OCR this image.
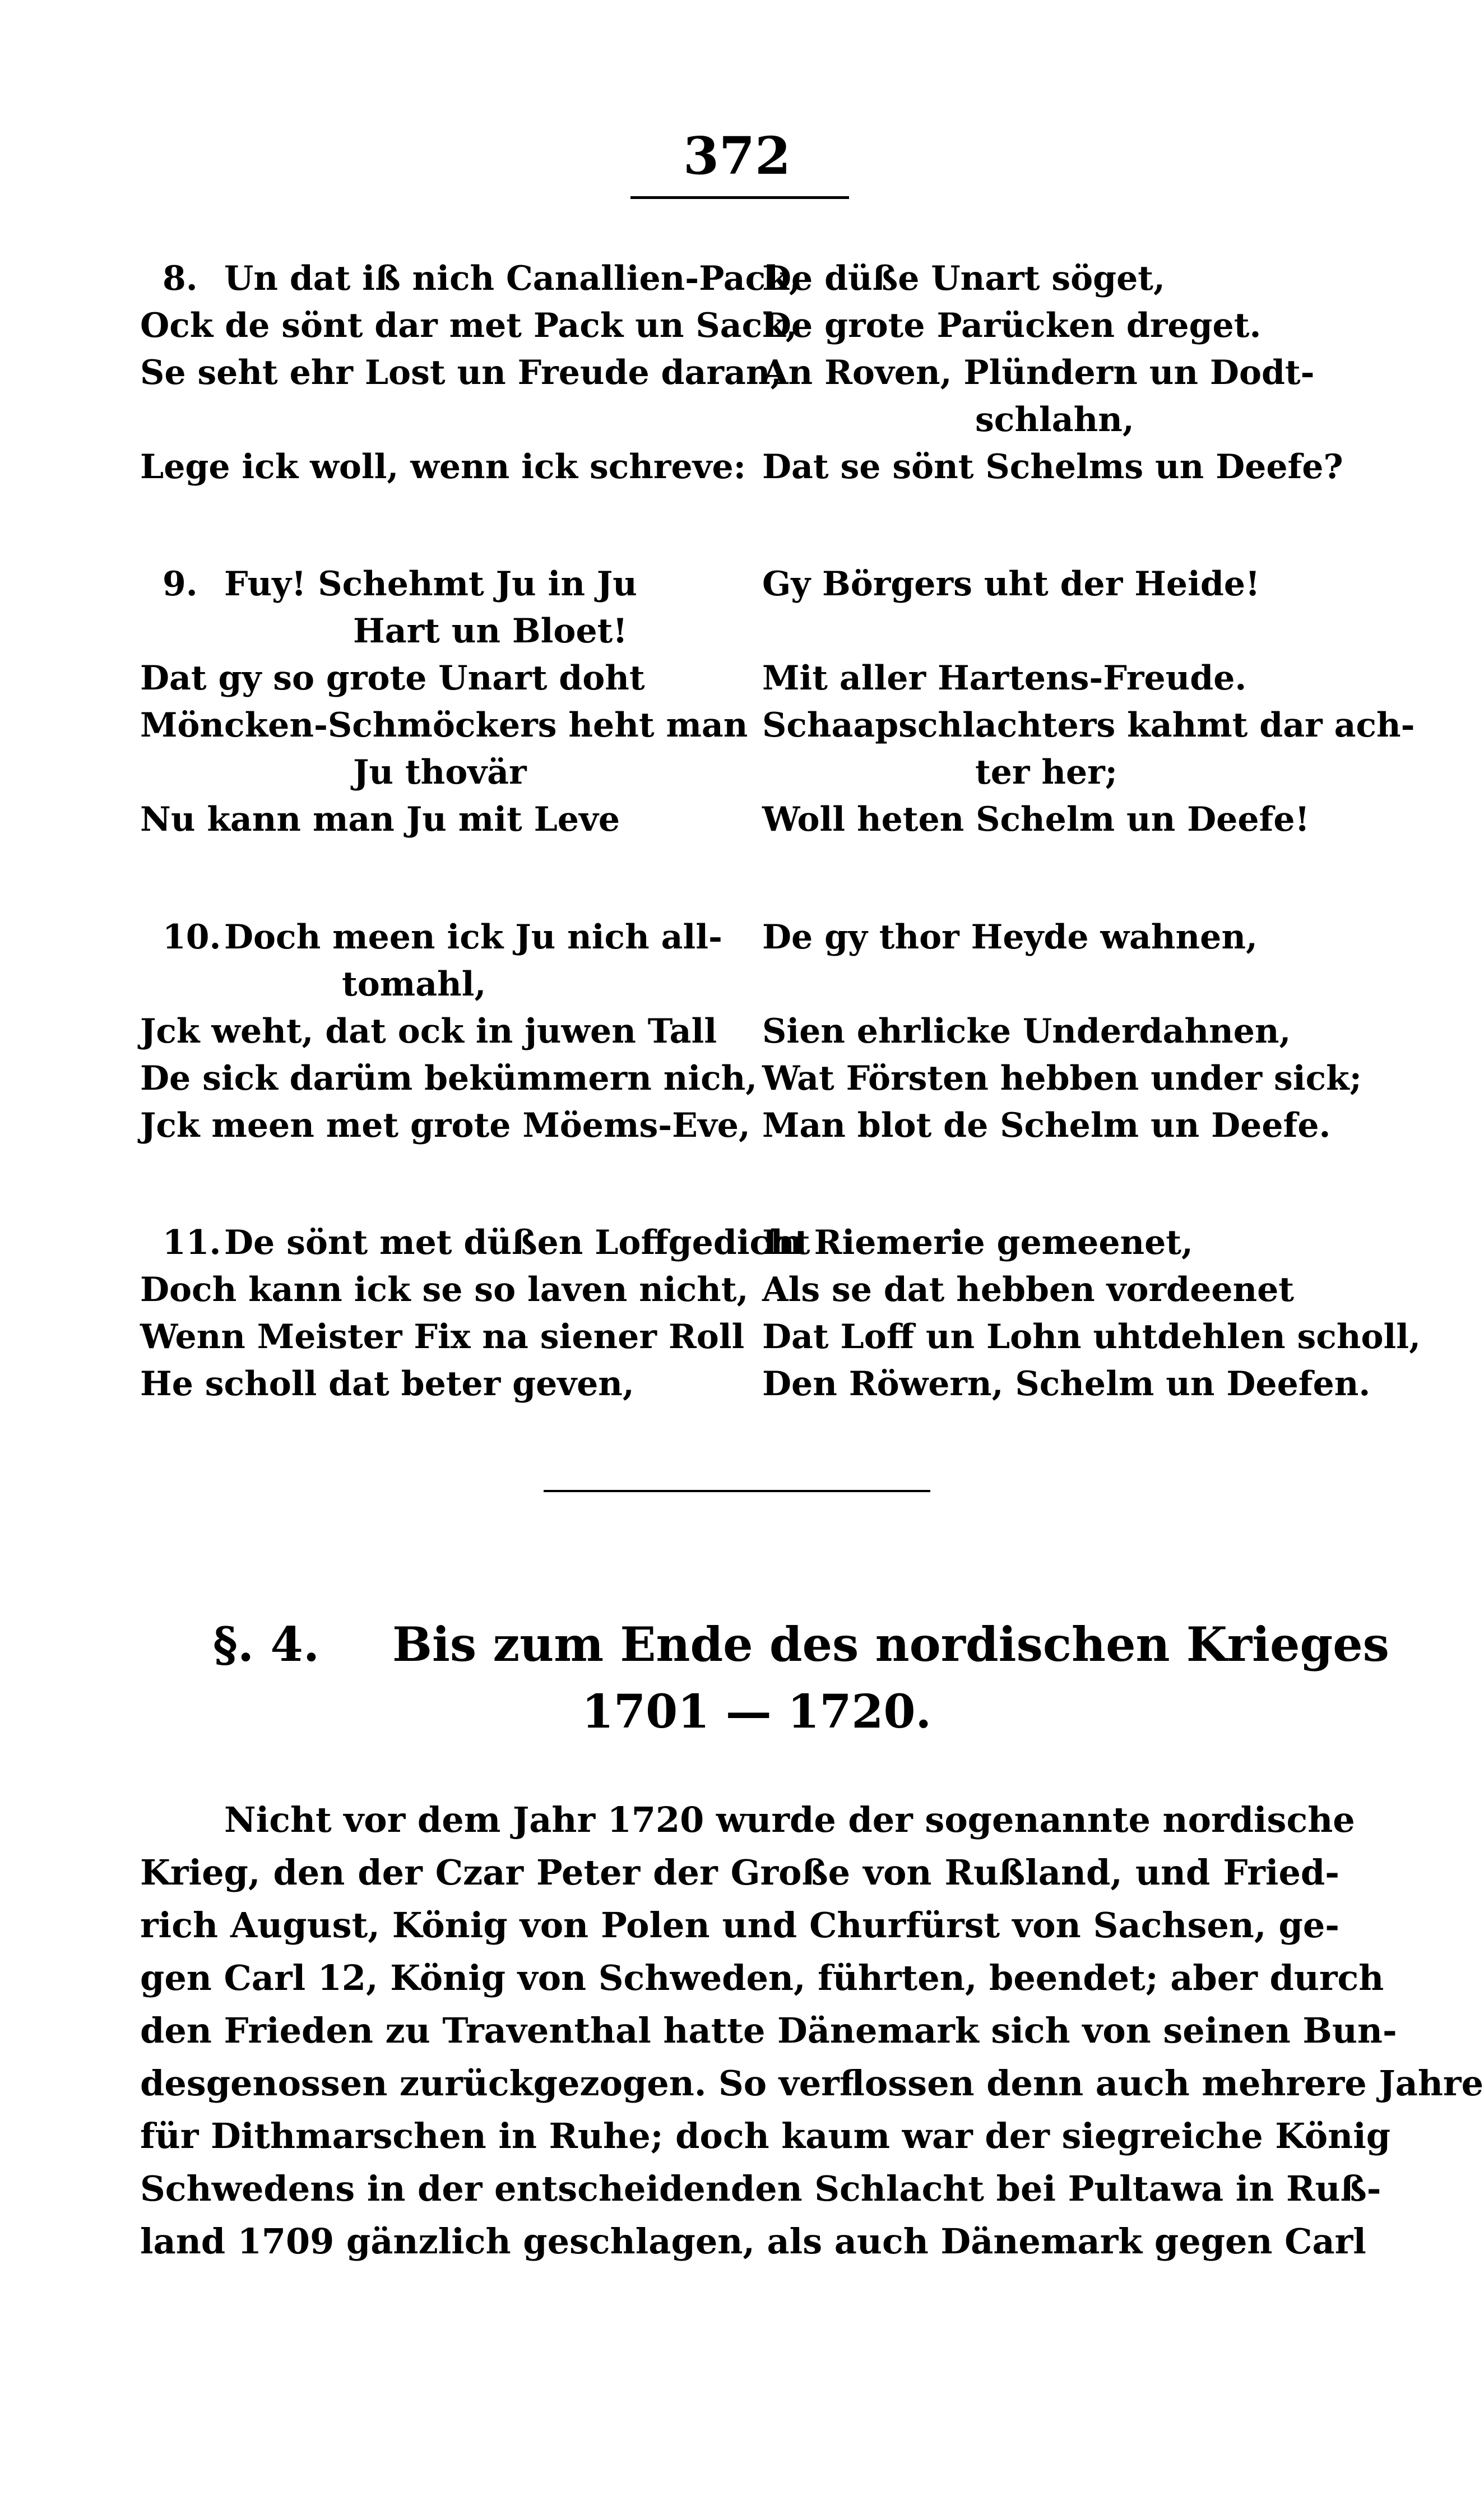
372
8. Un dat iß nich Canallien-Pack,
Ock de sönt dar met Pack un Sack,
Se seht ehr Lost un Freude daran,
Lege ick woll, wenn ick schreve:
De düße Unart söget,
De grote Parücken dreget.
An Roven, Plündern un Dodt-
schlahn,
Dat se sönt Schelms un Deefe?
9. Fuy! Schehmt Ju in Ju
Hart un Bloet!
Dat gy so grote Unart doht
Möncken-Schmöckers heht man
Ju thovär
Nu kann man Ju mit Leve
Gy Börgers uht der Heide!
Mit aller Hartens-Freude.
Schaapschlachters kahmt dar ach-
ter her;
Woll heten Schelm un Deefe!
10. Doch meen ick Ju nich all-
tomahl,
Jck weht, dat ock in juwen Tall
De sick darüm bekümmern nich,
Jck meen met grote Möems-Eve,
De gy thor Heyde wahnen,
Sien ehrlicke Underdahnen,
Wat Försten hebben under sick;
Man blot de Schelm un Deefe.
11. De sönt met düßen Loffgedicht
Doch kann ick se so laven nicht,
Wenn Meister Fix na siener Roll
He scholl dat beter geven,
In Riemerie gemeenet,
Als se dat hebben vordeenet
Dat Loff un Lohn uhtdehlen scholl,
Den Röwern, Schelm un Deefen.
§. 4. Bis zum Ende des nordischen Krieges
1701 — 1720.
Nicht vor dem Jahr 1720 wurde der sogenannte nordische
Krieg, den der Czar Peter der Große von Rußland, und Fried-
rich August, König von Polen und Churfürst von Sachsen, ge-
gen Carl 12, König von Schweden, führten, beendet; aber durch
den Frieden zu Traventhal hatte Dänemark sich von seinen Bun-
desgenossen zurückgezogen. So verflossen denn auch mehrere Jahre
für Dithmarschen in Ruhe; doch kaum war der siegreiche König
Schwedens in der entscheidenden Schlacht bei Pultawa in Ruß-
land 1709 gänzlich geschlagen, als auch Dänemark gegen Carl
